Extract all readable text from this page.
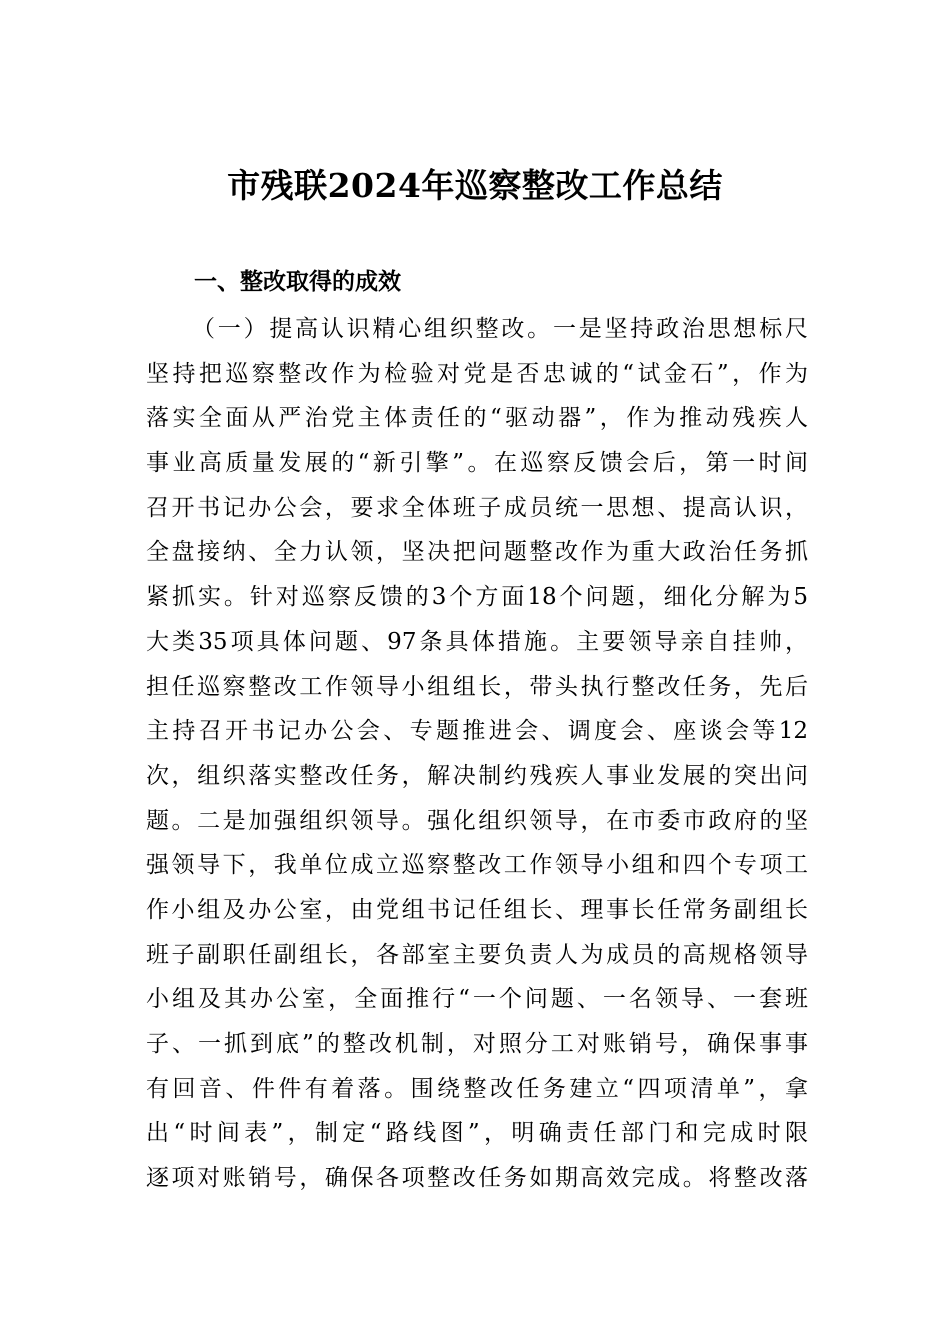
市残联2024年巡察整改工作总结
一、整改取得的成效
（一）提高认识精心组织整改。一是坚持政治思想标尺
坚持把巡察整改作为检验对党是否忠诚的“试金石”，作为
落实全面从严治党主体责任的“驱动器”，作为推动残疾人
事业高质量发展的“新引擎”。在巡察反馈会后，第一时间
召开书记办公会，要求全体班子成员统一思想、提高认识，
全盘接纳、全力认领，坚决把问题整改作为重大政治任务抓
紧抓实。针对巡察反馈的3个方面18个问题，细化分解为5
大类35项具体问题、97条具体措施。主要领导亲自挂帅，
担任巡察整改工作领导小组组长，带头执行整改任务，先后
主持召开书记办公会、专题推进会、调度会、座谈会等12
次，组织落实整改任务，解决制约残疾人事业发展的突出问
题。二是加强组织领导。强化组织领导，在市委市政府的坚
强领导下，我单位成立巡察整改工作领导小组和四个专项工
作小组及办公室，由党组书记任组长、理事长任常务副组长
班子副职任副组长，各部室主要负责人为成员的高规格领导
小组及其办公室，全面推行“一个问题、一名领导、一套班
子、一抓到底”的整改机制，对照分工对账销号，确保事事
有回音、件件有着落。围绕整改任务建立“四项清单”，拿
出“时间表”，制定“路线图”，明确责任部门和完成时限
逐项对账销号，确保各项整改任务如期高效完成。将整改落
